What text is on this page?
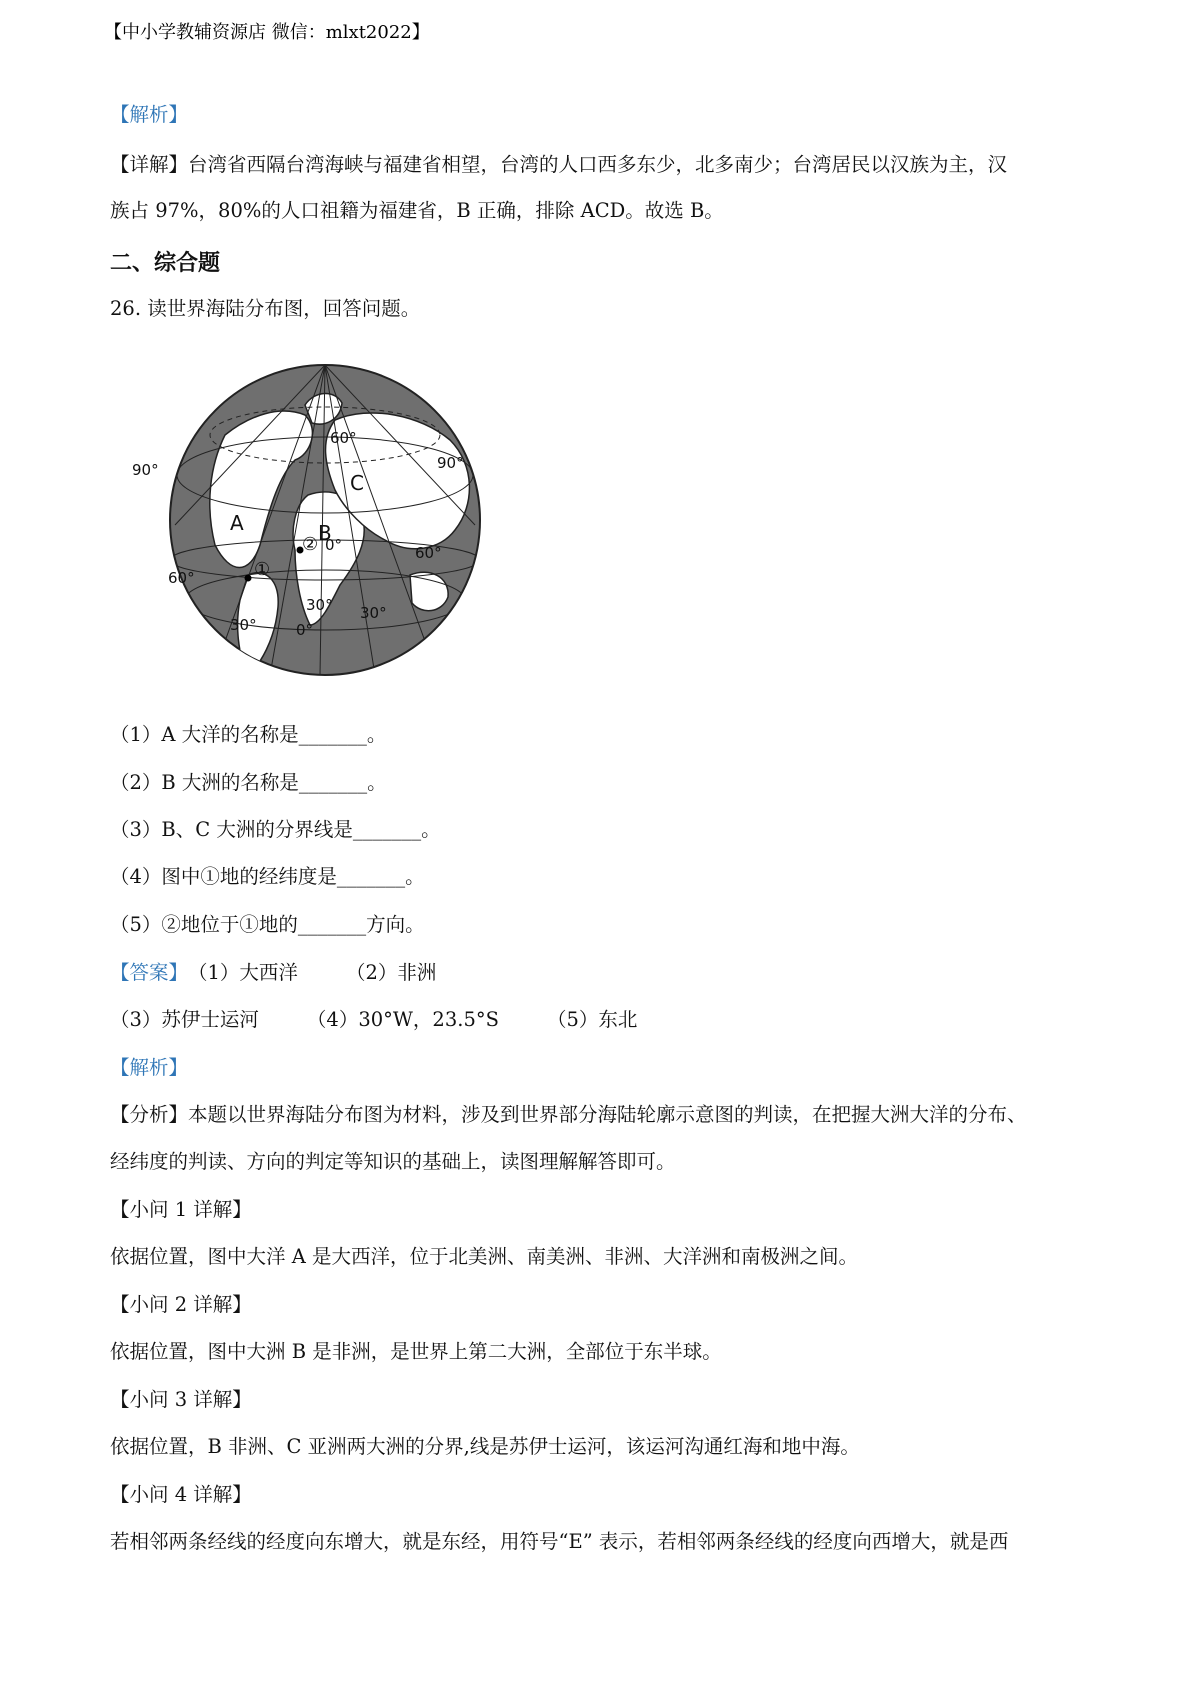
【中小学教辅资源店 微信：mlxt2022】
【解析】
【详解】台湾省西隔台湾海峡与福建省相望，台湾的人口西多东少，北多南少；台湾居民以汉族为主，汉
族占 97%，80%的人口祖籍为福建省，B 正确，排除 ACD。故选 B。
二、综合题
26. 读世界海陆分布图，回答问题。
90°	90°
60°
60°
60°
30°	0°
30° 30°
0°
A	B
C
①
②
（1）A 大洋的名称是_______。
（2）B 大洲的名称是_______。
（3）B、C 大洲的分界线是_______。
（4）图中①地的经纬度是_______。
（5）②地位于①地的_______方向。
【答案】（1）大西洋 （2）非洲
（3）苏伊士运河 （4）30°W，23.5°S （5）东北
【解析】
【分析】本题以世界海陆分布图为材料，涉及到世界部分海陆轮廓示意图的判读，在把握大洲大洋的分布、
经纬度的判读、方向的判定等知识的基础上，读图理解解答即可。
【小问 1 详解】
依据位置，图中大洋 A 是大西洋，位于北美洲、南美洲、非洲、大洋洲和南极洲之间。
【小问 2 详解】
依据位置，图中大洲 B 是非洲，是世界上第二大洲，全部位于东半球。
【小问 3 详解】
依据位置，B 非洲、C 亚洲两大洲的分界,线是苏伊士运河，该运河沟通红海和地中海。
【小问 4 详解】
若相邻两条经线的经度向东增大，就是东经，用符号“E” 表示，若相邻两条经线的经度向西增大，就是西
